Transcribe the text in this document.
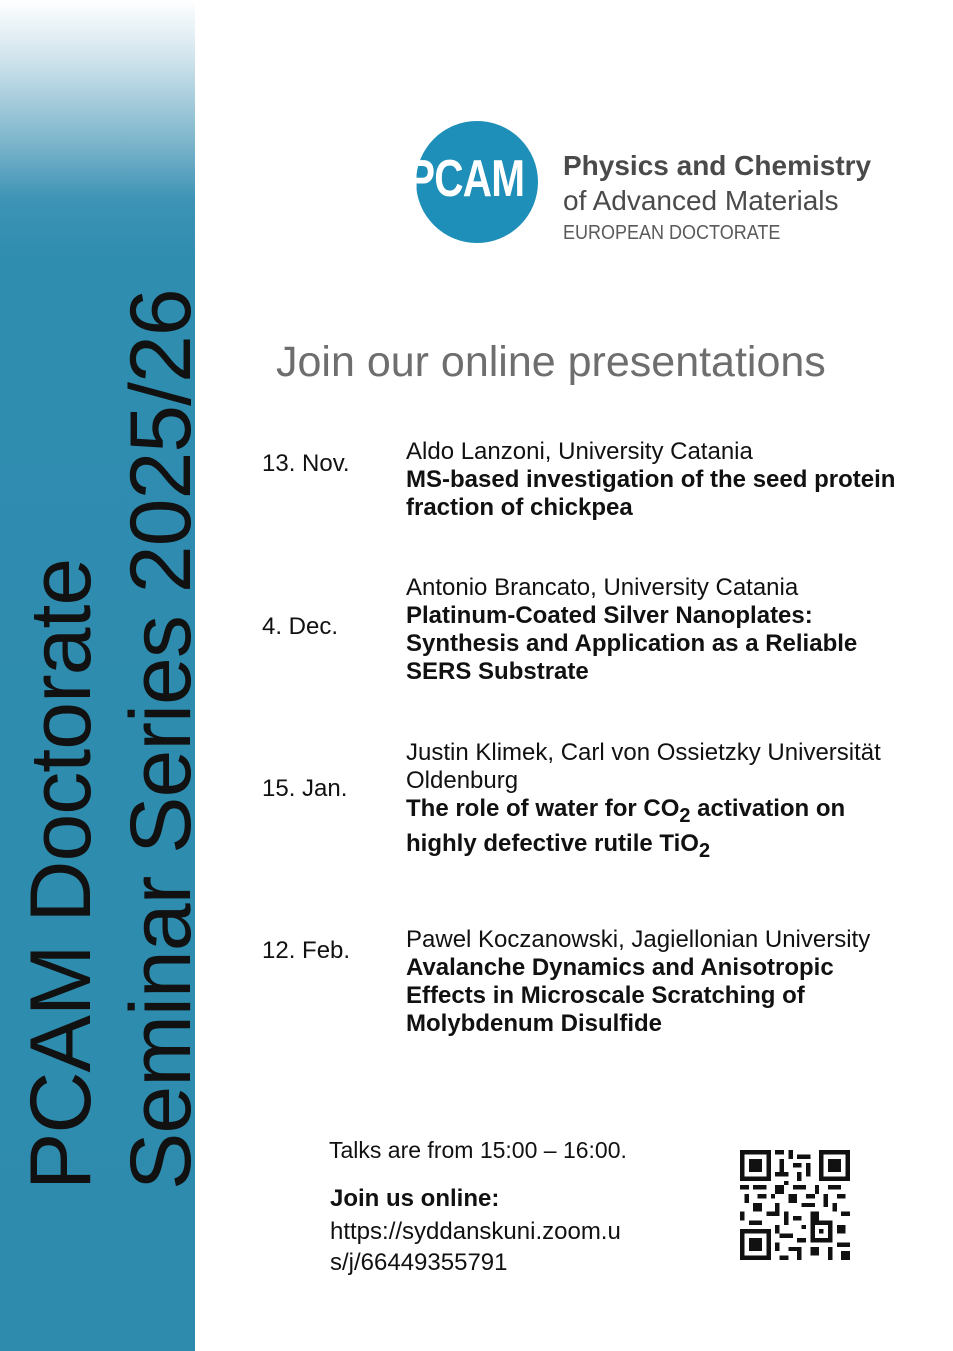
PCAM Doctorate Seminar Series 2025/26
PCAM Physics and Chemistry
of Advanced Materials
EUROPEAN DOCTORATE
Join our online presentations
13. Nov. Aldo Lanzoni, University Catania
MS-based investigation of the seed protein fraction of chickpea
4. Dec.
Antonio Brancato, University Catania
Platinum-Coated Silver Nanoplates: Synthesis and Application as a Reliable SERS Substrate
15. Jan.
Justin Klimek, Carl von Ossietzky Universität Oldenburg
The role of water for $CO_2$ activation on highly defective rutile TiO$_2$
12. Feb. Pawel Koczanowski, Jagiellonian University
Avalanche Dynamics and Anisotropic Effects in Microscale Scratching of Molybdenum Disulfide
Talks are from 15:00 – 16:00.
Join us online:
https://syddanskuni.zoom.us/j/66449355791
